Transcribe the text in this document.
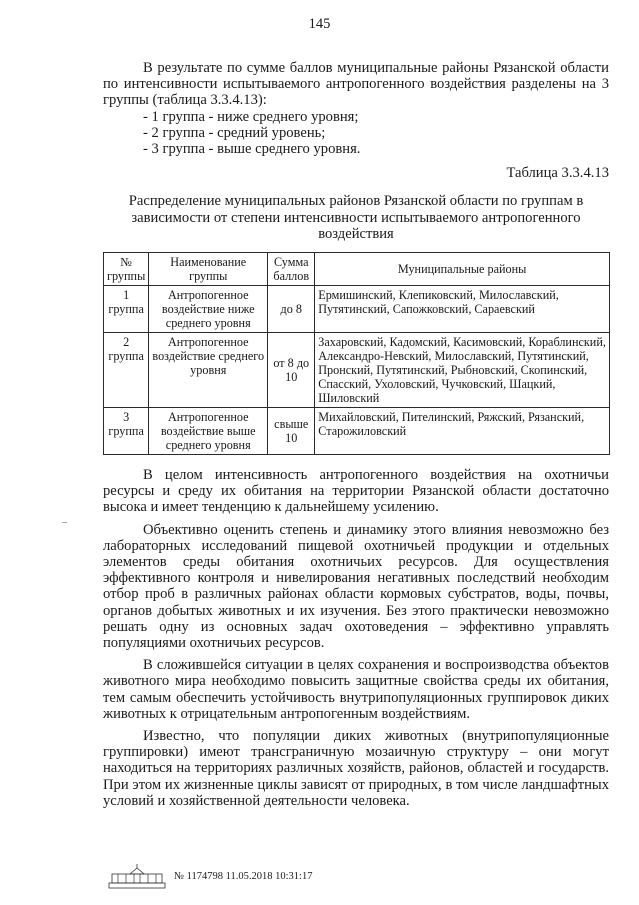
145

В результате по сумме баллов муниципальные районы Рязанской области по интенсивности испытываемого антропогенного воздействия разделены на 3 группы (таблица 3.3.4.13):

- 1 группа - ниже среднего уровня;
- 2 группа - средний уровень;
- 3 группа - выше среднего уровня.
Таблица 3.3.4.13
Распределение муниципальных районов Рязанской области по группам в зависимости от степени интенсивности испытываемого антропогенного воздействия
№ группы	Наименование группы	Сумма баллов	Муниципальные районы
1 группа	Антропогенное воздействие ниже среднего уровня	до 8	Ермишинский, Клепиковский, Милославский, Путятинский, Сапожковский, Сараевский
2 группа	Антропогенное воздействие среднего уровня	от 8 до 10	Захаровский, Кадомский, Касимовский, Кораблинский, Александро-Невский, Милославский, Путятинский, Пронский, Путятинский, Рыбновский, Скопинский, Спасский, Ухоловский, Чучковский, Шацкий, Шиловский
3 группа	Антропогенное воздействие выше среднего уровня	свыше 10	Михайловский, Пителинский, Ряжский, Рязанский, Старожиловский

В целом интенсивность антропогенного воздействия на охотничьи ресурсы и среду их обитания на территории Рязанской области достаточно высока и имеет тенденцию к дальнейшему усилению.

Объективно оценить степень и динамику этого влияния невозможно без лабораторных исследований пищевой охотничьей продукции и отдельных элементов среды обитания охотничьих ресурсов. Для осуществления эффективного контроля и нивелирования негативных последствий необходим отбор проб в различных районах области кормовых субстратов, воды, почвы, органов добытых животных и их изучения. Без этого практически невозможно решать одну из основных задач охотоведения – эффективно управлять популяциями охотничьих ресурсов.

В сложившейся ситуации в целях сохранения и воспроизводства объектов животного мира необходимо повысить защитные свойства среды их обитания, тем самым обеспечить устойчивость внутрипопуляционных группировок диких животных к отрицательным антропогенным воздействиям.

Известно, что популяции диких животных (внутрипопуляционные группировки) имеют трансграничную мозаичную структуру – они могут находиться на территориях различных хозяйств, районов, областей и государств. При этом их жизненные циклы зависят от природных, в том числе ландшафтных условий и хозяйственной деятельности человека.

–
№ 1174798 11.05.2018 10:31:17
